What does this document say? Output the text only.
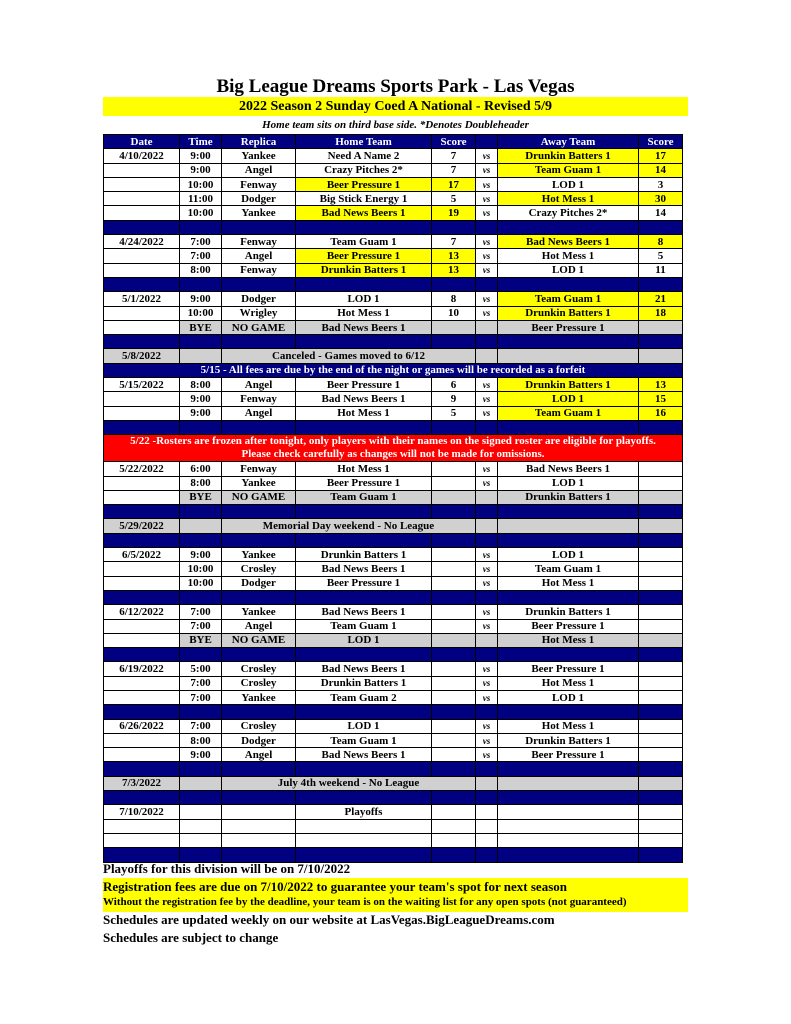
Big League Dreams Sports Park - Las Vegas
2022 Season 2 Sunday Coed A National - Revised 5/9
Home team sits on third base side. *Denotes Doubleheader
Date	Time	Replica	Home Team	Score		Away Team	Score
4/10/2022	9:00	Yankee	Need A Name 2	7	vs	Drunkin Batters 1	17
	9:00	Angel	Crazy Pitches 2*	7	vs	Team Guam 1	14
	10:00	Fenway	Beer Pressure 1	17	vs	LOD 1	3
	11:00	Dodger	Big Stick Energy 1	5	vs	Hot Mess 1	30
	10:00	Yankee	Bad News Beers 1	19	vs	Crazy Pitches 2*	14

4/24/2022	7:00	Fenway	Team Guam 1	7	vs	Bad News Beers 1	8
	7:00	Angel	Beer Pressure 1	13	vs	Hot Mess 1	5
	8:00	Fenway	Drunkin Batters 1	13	vs	LOD 1	11

5/1/2022	9:00	Dodger	LOD 1	8	vs	Team Guam 1	21
	10:00	Wrigley	Hot Mess 1	10	vs	Drunkin Batters 1	18
	BYE	NO GAME	Bad News Beers 1			Beer Pressure 1	

5/8/2022		Canceled - Games moved to 6/12					
5/15 - All fees are due by the end of the night or games will be recorded as a forfeit							
5/15/2022	8:00	Angel	Beer Pressure 1	6	vs	Drunkin Batters 1	13
	9:00	Fenway	Bad News Beers 1	9	vs	LOD 1	15
	9:00	Angel	Hot Mess 1	5	vs	Team Guam 1	16

5/22 -Rosters are frozen after tonight, only players with their names on the signed roster are eligible for playoffs.
Please check carefully as changes will not be made for omissions.							

5/22/2022	6:00	Fenway	Hot Mess 1		vs	Bad News Beers 1	
	8:00	Yankee	Beer Pressure 1		vs	LOD 1	
	BYE	NO GAME	Team Guam 1			Drunkin Batters 1	

5/29/2022		Memorial Day weekend - No League					

6/5/2022	9:00	Yankee	Drunkin Batters 1		vs	LOD 1	
	10:00	Crosley	Bad News Beers 1		vs	Team Guam 1	
	10:00	Dodger	Beer Pressure 1		vs	Hot Mess 1	

6/12/2022	7:00	Yankee	Bad News Beers 1		vs	Drunkin Batters 1	
	7:00	Angel	Team Guam 1		vs	Beer Pressure 1	
	BYE	NO GAME	LOD 1			Hot Mess 1	

6/19/2022	5:00	Crosley	Bad News Beers 1		vs	Beer Pressure 1	
	7:00	Crosley	Drunkin Batters 1		vs	Hot Mess 1	
	7:00	Yankee	Team Guam 2		vs	LOD 1	

6/26/2022	7:00	Crosley	LOD 1		vs	Hot Mess 1	
	8:00	Dodger	Team Guam 1		vs	Drunkin Batters 1	
	9:00	Angel	Bad News Beers 1		vs	Beer Pressure 1	

7/3/2022		July 4th weekend - No League					

7/10/2022			Playoffs				

Playoffs for this division will be on 7/10/2022
Registration fees are due on 7/10/2022 to guarantee your team's spot for next season
Without the registration fee by the deadline, your team is on the waiting list for any open spots (not guaranteed)
Schedules are updated weekly on our website at LasVegas.BigLeagueDreams.com
Schedules are subject to change
